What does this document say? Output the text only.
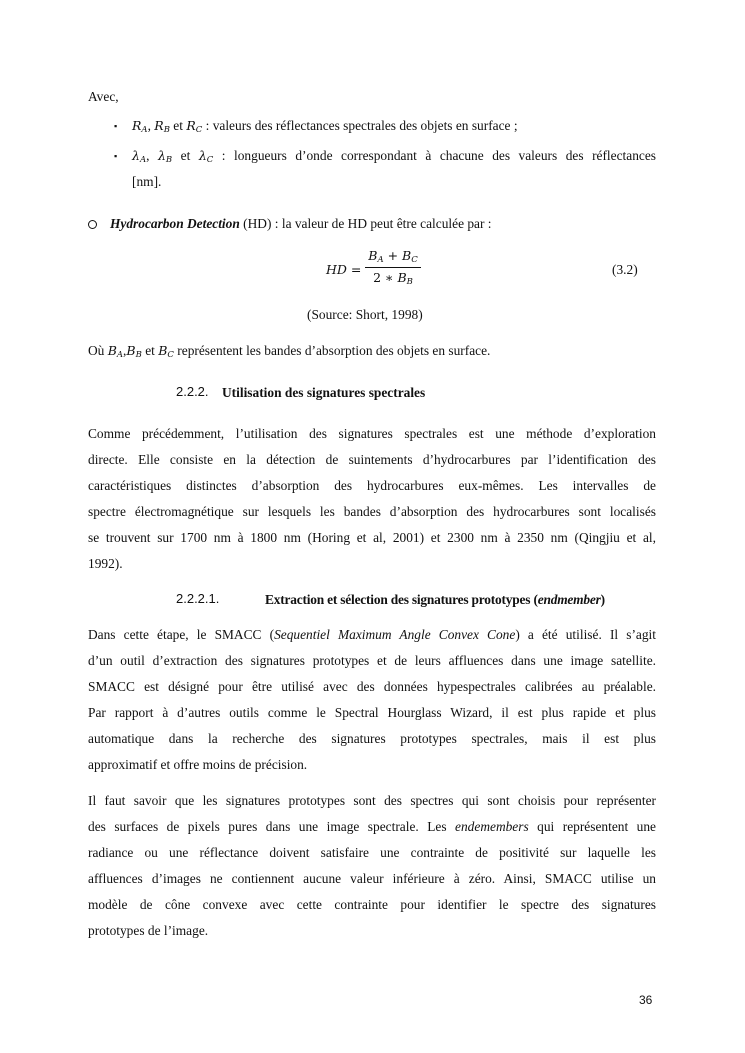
Avec,
▪ $R_A$, $R_B$ et $R_C$ : valeurs des réflectances spectrales des objets en surface ;
▪ $\lambda_A$, $\lambda_B$ et $\lambda_C$ : longueurs d’onde correspondant à chacune des valeurs des réflectances
[nm].
Hydrocarbon Detection (HD) : la valeur de HD peut être calculée par :
HD =
$B_A + B_C$
2 ∗ $B_B$
(3.2)
(Source: Short, 1998)
Où $B_A,B_B$ et $B_C$ représentent les bandes d’absorption des objets en surface.
2.2.2. Utilisation des signatures spectrales
Comme précédemment, l’utilisation des signatures spectrales est une méthode d’exploration
directe. Elle consiste en la détection de suintements d’hydrocarbures par l’identification des
caractéristiques distinctes d’absorption des hydrocarbures eux-mêmes. Les intervalles de
spectre électromagnétique sur lesquels les bandes d’absorption des hydrocarbures sont localisés
se trouvent sur 1700 nm à 1800 nm (Horing et al, 2001) et 2300 nm à 2350 nm (Qingjiu et al,
1992).
2.2.2.1.	Extraction et sélection des signatures prototypes (endmember)
Dans cette étape, le SMACC (Sequentiel Maximum Angle Convex Cone) a été utilisé. Il s’agit
d’un outil d’extraction des signatures prototypes et de leurs affluences dans une image satellite.
SMACC est désigné pour être utilisé avec des données hypespectrales calibrées au préalable.
Par rapport à d’autres outils comme le Spectral Hourglass Wizard, il est plus rapide et plus
automatique dans la recherche des signatures prototypes spectrales, mais il est plus
approximatif et offre moins de précision.
Il faut savoir que les signatures prototypes sont des spectres qui sont choisis pour représenter
des surfaces de pixels pures dans une image spectrale. Les endemembers qui représentent une
radiance ou une réflectance doivent satisfaire une contrainte de positivité sur laquelle les
affluences d’images ne contiennent aucune valeur inférieure à zéro. Ainsi, SMACC utilise un
modèle de cône convexe avec cette contrainte pour identifier le spectre des signatures
prototypes de l’image.
36
